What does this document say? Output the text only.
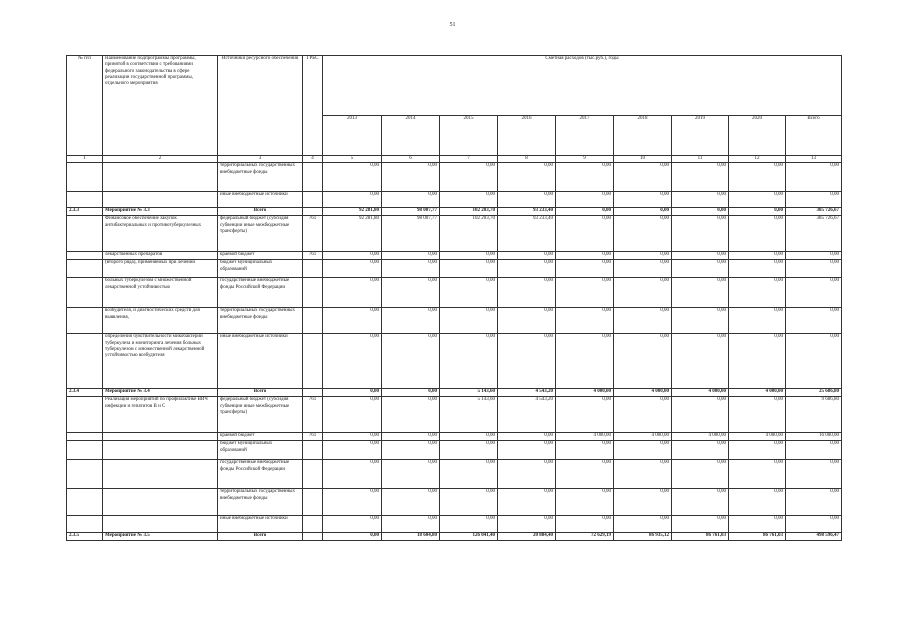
51
№ п/п	Наименование подпрограммы программы, принятой в соответствии с требованиями федерального законодательства в сфере реализации государственной программы, отдельного мероприятия	Источники ресурсного обеспечения	ГРБС	Сметная расходов (тыс.руб.), годы								
				2013	2014	2015	2016	2017	2018	2019	2020	Всего
1	2	3	4	5	6	7	8	9	10	11	12	13
		территориальных государственных внебюджетные фонды		0,00	0,00	0,00	0,00	0,00	0,00	0,00	0,00	0,00
		иные внебюджетные источники		0,00	0,00	0,00	0,00	0,00	0,00	0,00	0,00	0,00
2.3.3	Мероприятие № 3.3	Всего		92 281,80	98 007,77	102 203,70	93 233,40	0,00	0,00	0,00	0,00	385 726,67
	Финансовое обеспечение закупок антибактериальных и противотуберкулезных	федеральный бюджет (субсидия субвенции иные межбюджетные трансферты)	761	92 281,80	98 007,77	102 203,70	93 233,40	0,00	0,00	0,00	0,00	385 726,67
	лекарственных препаратов	краевой бюджет	761	0,00	0,00	0,00	0,00	0,00	0,00	0,00	0,00	0,00
	(второго ряда), применяемых при лечении	бюджет муниципальных образований		0,00	0,00	0,00	0,00	0,00	0,00	0,00	0,00	0,00
	больных туберкулезом с множественной лекарственной устойчивостью	государственные внебюджетные фонды Российской Федерации		0,00	0,00	0,00	0,00	0,00	0,00	0,00	0,00	0,00
	возбудителя, и диагностических средств для выявления,	территориальных государственных внебюджетные фонды		0,00	0,00	0,00	0,00	0,00	0,00	0,00	0,00	0,00
	определения чувствительности микобактерии туберкулеза и мониторинга лечения больных туберкулезом с множественной лекарственной устойчивостью возбудителя	иные внебюджетные источники		0,00	0,00	0,00	0,00	0,00	0,00	0,00	0,00	0,00
2.3.4	Мероприятие № 3.4	Всего		0,00	0,00	5 143,60	4 543,20	4 000,00	4 000,00	4 000,00	4 000,00	25 686,80
	Реализация мероприятий по профилактике ВИЧ инфекции и гепатитов В и С	федеральный бюджет (субсидия субвенции иные межбюджетные трансферты)	761	0,00	0,00	5 143,60	4 543,20	0,00	0,00	0,00	0,00	9 686,80
		краевой бюджет	761	0,00	0,00	0,00	0,00	4 000,00	4 000,00	4 000,00	4 000,00	16 000,00
		бюджет муниципальных образований		0,00	0,00	0,00	0,00	0,00	0,00	0,00	0,00	0,00
		государственные внебюджетные фонды Российской Федерации		0,00	0,00	0,00	0,00	0,00	0,00	0,00	0,00	0,00
		территориальных государственных внебюджетные фонды		0,00	0,00	0,00	0,00	0,00	0,00	0,00	0,00	0,00
		иные внебюджетные источники		0,00	0,00	0,00	0,00	0,00	0,00	0,00	0,00	0,00
2.3.5	Мероприятие № 3.5	Всего		0,00	18 604,80	126 041,40	20 884,40	72 629,19	86 935,12	86 761,03	86 761,03	498 596,47
